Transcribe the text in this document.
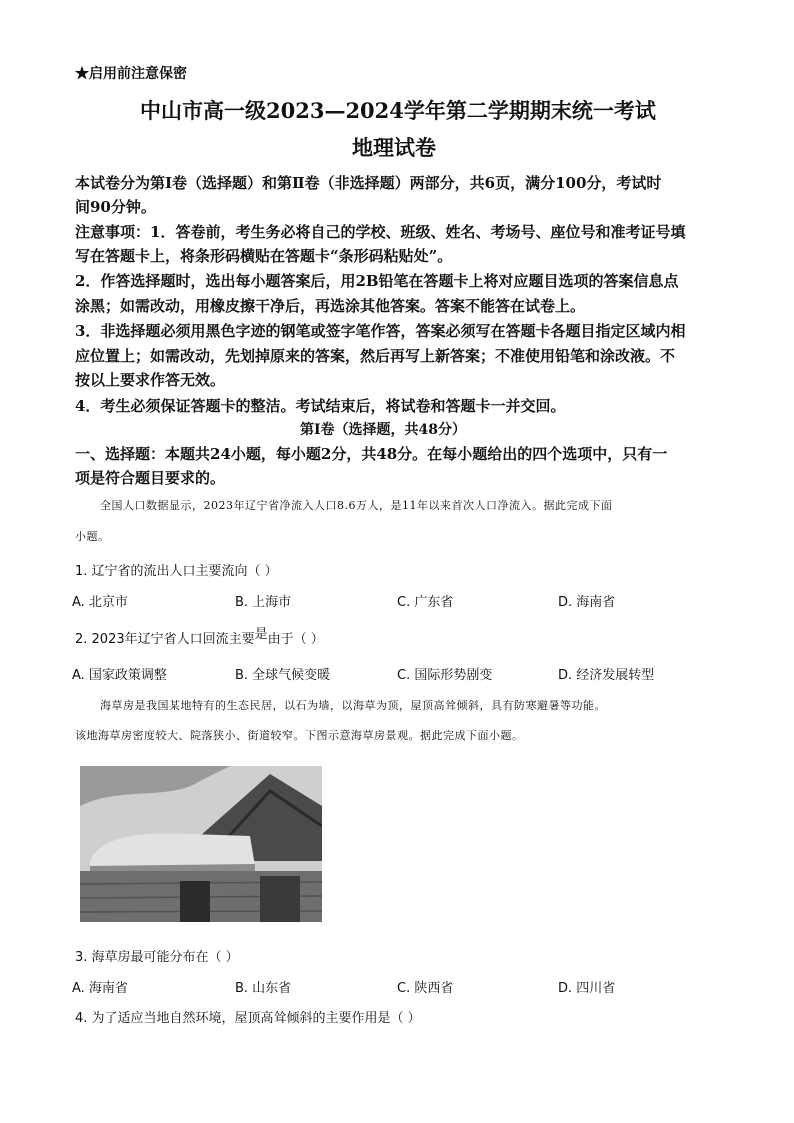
★启用前注意保密
中山市高一级2023—2024学年第二学期期末统一考试
地理试卷
本试卷分为第Ⅰ卷（选择题）和第Ⅱ卷（非选择题）两部分，共6页，满分100分，考试时
间90分钟。
注意事项：1．答卷前，考生务必将自己的学校、班级、姓名、考场号、座位号和准考证号填
写在答题卡上，将条形码横贴在答题卡“条形码粘贴处”。
2．作答选择题时，选出每小题答案后，用2B铅笔在答题卡上将对应题目选项的答案信息点
涂黑；如需改动，用橡皮擦干净后，再选涂其他答案。答案不能答在试卷上。
3．非选择题必须用黑色字迹的钢笔或签字笔作答，答案必须写在答题卡各题目指定区域内相
应位置上；如需改动，先划掉原来的答案，然后再写上新答案；不准使用铅笔和涂改液。不
按以上要求作答无效。
4．考生必须保证答题卡的整洁。考试结束后，将试卷和答题卡一并交回。
第Ⅰ卷（选择题，共48分）
一、选择题：本题共24小题，每小题2分，共48分。在每小题给出的四个选项中，只有一
项是符合题目要求的。
全国人口数据显示，2023年辽宁省净流入人口8.6万人，是11年以来首次人口净流入。据此完成下面
小题。
1. 辽宁省的流出人口主要流向（ ）
A. 北京市	B. 上海市	C. 广东省	D. 海南省
2. 2023年辽宁省人口回流主要是由于（ ）
A. 国家政策调整	B. 全球气候变暖	C. 国际形势剧变	D. 经济发展转型
海草房是我国某地特有的生态民居，以石为墙，以海草为顶，屋顶高耸倾斜，具有防寒避暑等功能。
该地海草房密度较大、院落狭小、街道较窄。下图示意海草房景观。据此完成下面小题。
3. 海草房最可能分布在（ ）
A. 海南省	B. 山东省	C. 陕西省	D. 四川省
4. 为了适应当地自然环境，屋顶高耸倾斜的主要作用是（ ）
